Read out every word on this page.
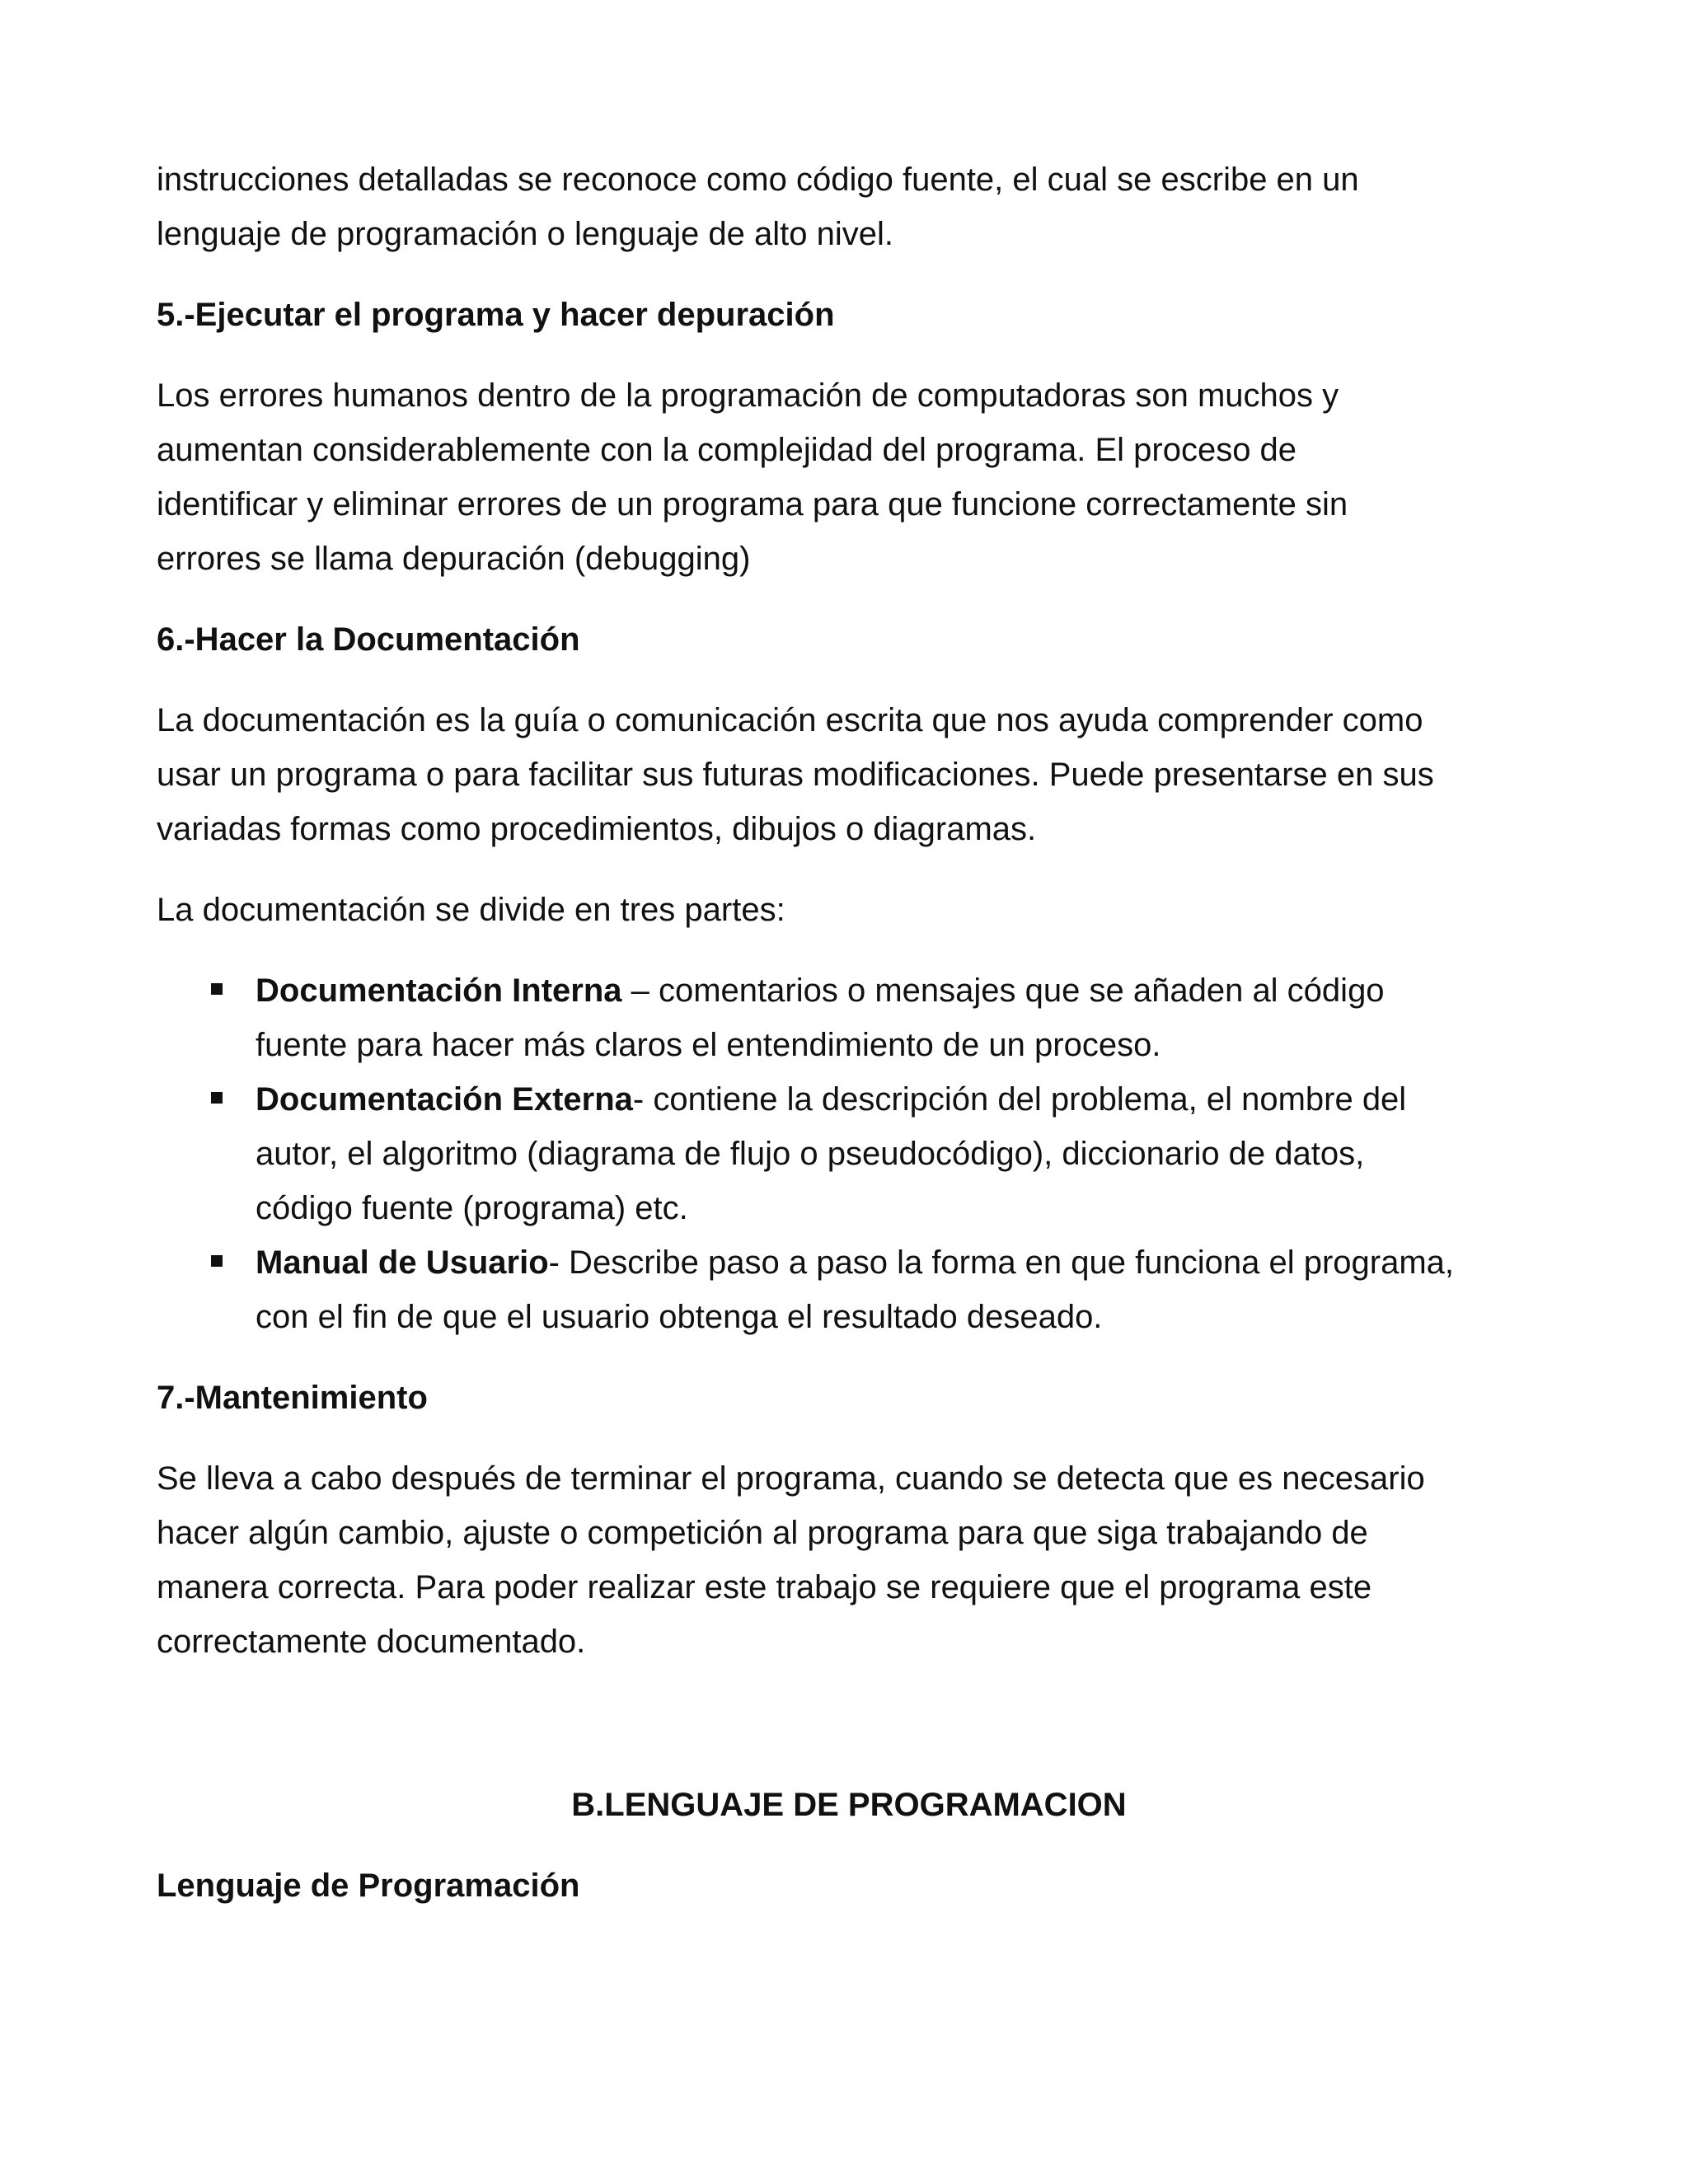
instrucciones detalladas se reconoce como código fuente, el cual se escribe en un

lenguaje de programación o lenguaje de alto nivel.

5.-Ejecutar el programa y hacer depuración

Los errores humanos dentro de la programación de computadoras son muchos y

aumentan considerablemente con la complejidad del programa. El proceso de

identificar y eliminar errores de un programa para que funcione correctamente sin

errores se llama depuración (debugging)

6.-Hacer la Documentación

La documentación es la guía o comunicación escrita que nos ayuda comprender como

usar un programa o para facilitar sus futuras modificaciones. Puede presentarse en sus

variadas formas como procedimientos, dibujos o diagramas.

La documentación se divide en tres partes:

Documentación Interna – comentarios o mensajes que se añaden al código

fuente para hacer más claros el entendimiento de un proceso.

Documentación Externa- contiene la descripción del problema, el nombre del

autor, el algoritmo (diagrama de flujo o pseudocódigo), diccionario de datos,

código fuente (programa) etc.

Manual de Usuario- Describe paso a paso la forma en que funciona el programa,

con el fin de que el usuario obtenga el resultado deseado.

7.-Mantenimiento

Se lleva a cabo después de terminar el programa, cuando se detecta que es necesario

hacer algún cambio, ajuste o competición al programa para que siga trabajando de

manera correcta. Para poder realizar este trabajo se requiere que el programa este

correctamente documentado.

B.LENGUAJE DE PROGRAMACION

Lenguaje de Programación
